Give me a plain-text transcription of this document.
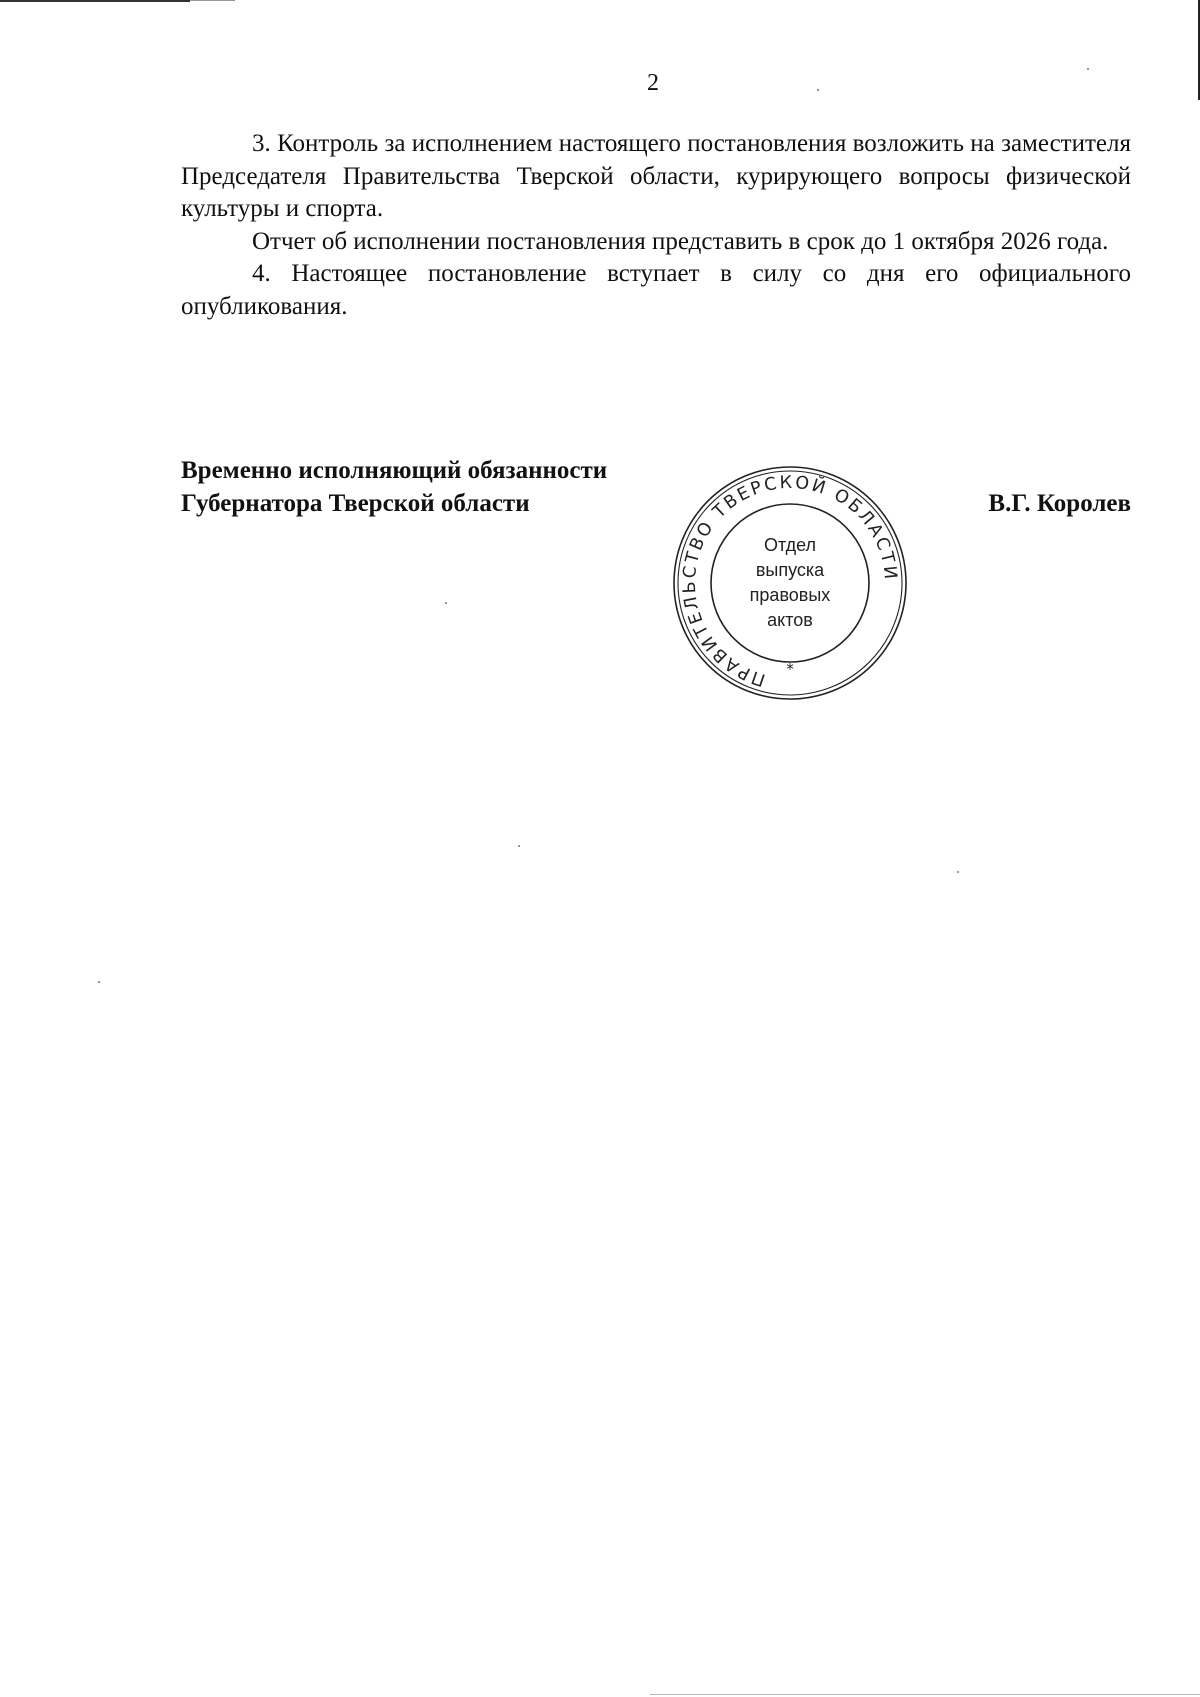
2

3. Контроль за исполнением настоящего постановления возложить на заместителя Председателя Правительства Тверской области, курирующего вопросы физической культуры и спорта.

Отчет об исполнении постановления представить в срок до 1 октября 2026 года.

4. Настоящее постановление вступает в силу со дня его официального опубликования.

Временно исполняющий обязанности
Губернатора Тверской области	В.Г. Королев
ПРАВИТЕЛЬСТВО ТВЕРСКОЙ ОБЛАСТИ
*
Отдел
выпуска
правовых
актов
